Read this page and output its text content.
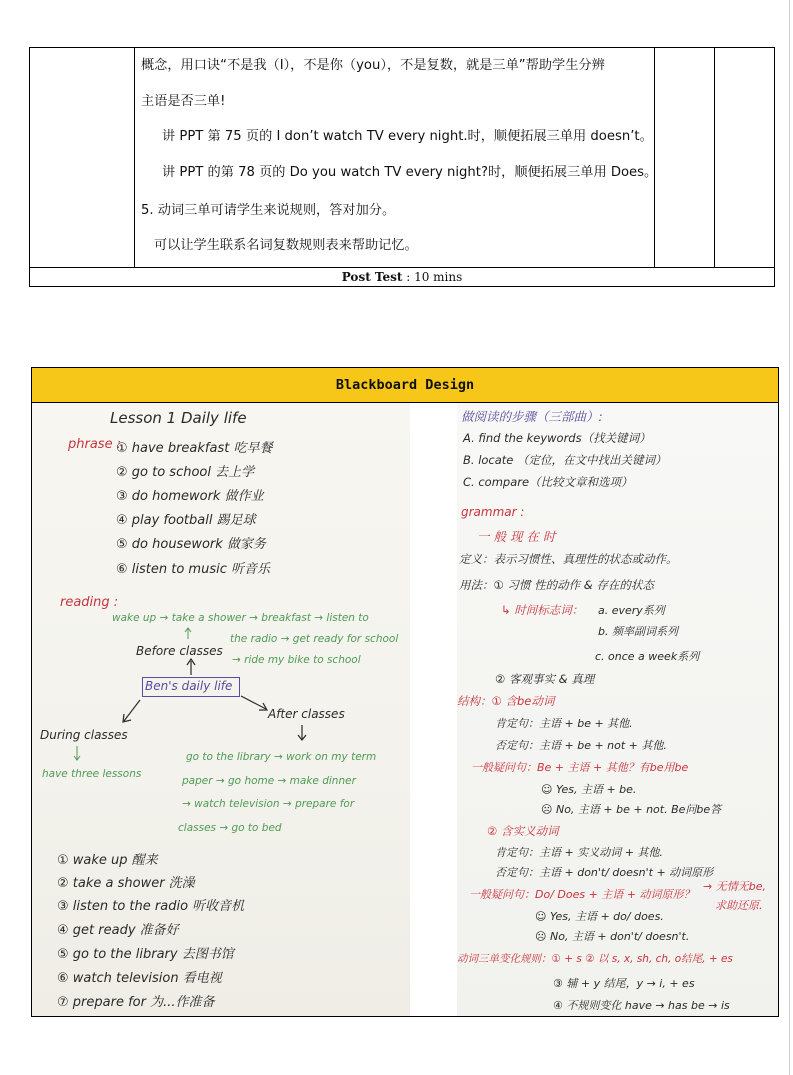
概念，用口诀“不是我（I），不是你（you），不是复数，就是三单”帮助学生分辨
主语是否三单!
讲 PPT 第 75 页的 I don’t watch TV every night.时，顺便拓展三单用 doesn’t。
讲 PPT 的第 78 页的 Do you watch TV every night?时，顺便拓展三单用 Does。
5. 动词三单可请学生来说规则，答对加分。
可以让学生联系名词复数规则表来帮助记忆。
Post Test : 10 mins
Blackboard Design
Lesson 1 Daily life
phrase :
① have breakfast 吃早餐
② go to school 去上学
③ do homework 做作业
④ play football 踢足球
⑤ do housework 做家务
⑥ listen to music 听音乐
reading :
wake up → take a shower → breakfast → listen to
the radio → get ready for school
→ ride my bike to school
Before classes
Ben's daily life
After classes
During classes
have three lessons
go to the library → work on my term
paper → go home → make dinner
→ watch television → prepare for
classes → go to bed
① wake up 醒来
② take a shower 洗澡
③ listen to the radio 听收音机
④ get ready 准备好
⑤ go to the library 去图书馆
⑥ watch television 看电视
⑦ prepare for 为...作准备
做阅读的步骤（三部曲）:
A. find the keywords（找关键词）
B. locate （定位，在文中找出关键词）
C. compare（比较文章和选项）
grammar :
一 般 现 在 时
定义：表示习惯性、真理性的状态或动作。
用法：① 习惯 性的动作 & 存在的状态
↳ 时间标志词： a. every系列
b. 频率副词系列
c. once a week系列
② 客观事实 & 真理
结构：① 含be动词
肯定句：主语 + be + 其他.
否定句：主语 + be + not + 其他.
一般疑问句：Be + 主语 + 其他？有be用be
☺ Yes, 主语 + be.
☹ No, 主语 + be + not. Be问be答
② 含实义动词
肯定句：主语 + 实义动词 + 其他.
否定句：主语 + don't/ doesn't + 动词原形
一般疑问句：Do/ Does + 主语 + 动词原形？
☺ Yes, 主语 + do/ does.
☹ No, 主语 + don't/ doesn't.
→ 无情无be,
求助还原.
动词三单变化规则：① + s ② 以 s, x, sh, ch, o结尾, + es
③ 辅 + y 结尾，y → i, + es
④ 不规则变化 have → has be → is
